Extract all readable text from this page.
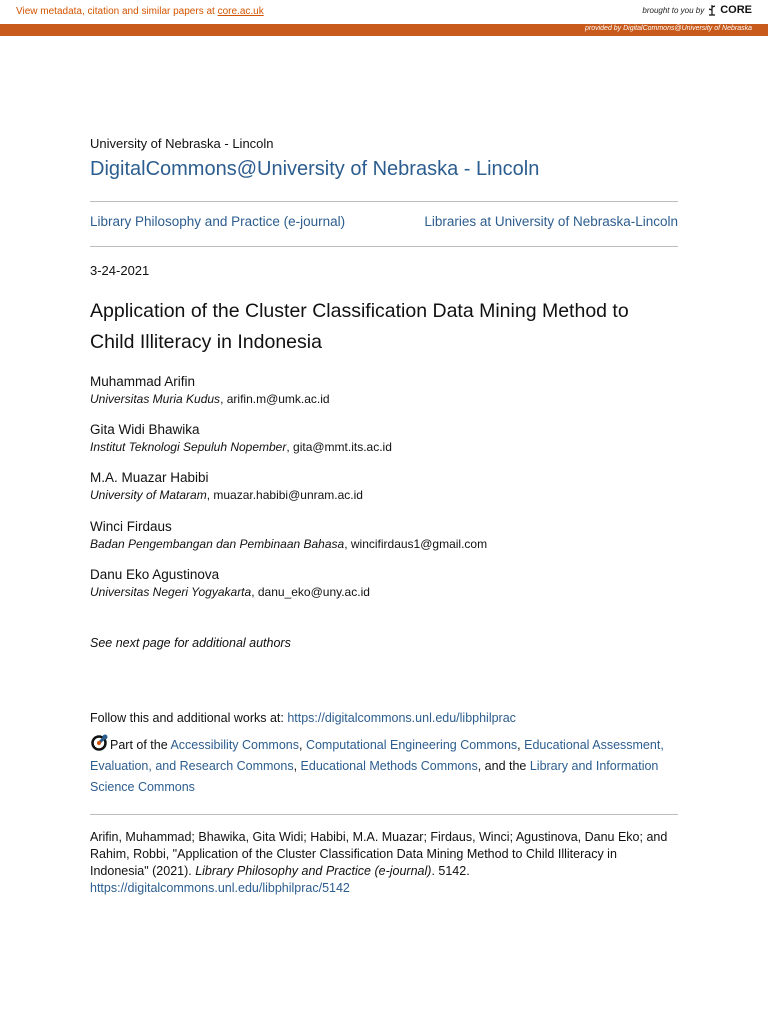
View metadata, citation and similar papers at core.ac.uk	brought to you by CORE
provided by DigitalCommons@University of Nebraska
University of Nebraska - Lincoln
DigitalCommons@University of Nebraska - Lincoln
Library Philosophy and Practice (e-journal)	Libraries at University of Nebraska-Lincoln
3-24-2021
Application of the Cluster Classification Data Mining Method to Child Illiteracy in Indonesia
Muhammad Arifin
Universitas Muria Kudus, arifin.m@umk.ac.id
Gita Widi Bhawika
Institut Teknologi Sepuluh Nopember, gita@mmt.its.ac.id
M.A. Muazar Habibi
University of Mataram, muazar.habibi@unram.ac.id
Winci Firdaus
Badan Pengembangan dan Pembinaan Bahasa, wincifirdaus1@gmail.com
Danu Eko Agustinova
Universitas Negeri Yogyakarta, danu_eko@uny.ac.id
See next page for additional authors
Follow this and additional works at: https://digitalcommons.unl.edu/libphilprac
Part of the Accessibility Commons, Computational Engineering Commons, Educational Assessment, Evaluation, and Research Commons, Educational Methods Commons, and the Library and Information Science Commons
Arifin, Muhammad; Bhawika, Gita Widi; Habibi, M.A. Muazar; Firdaus, Winci; Agustinova, Danu Eko; and Rahim, Robbi, "Application of the Cluster Classification Data Mining Method to Child Illiteracy in Indonesia" (2021). Library Philosophy and Practice (e-journal). 5142.
https://digitalcommons.unl.edu/libphilprac/5142
